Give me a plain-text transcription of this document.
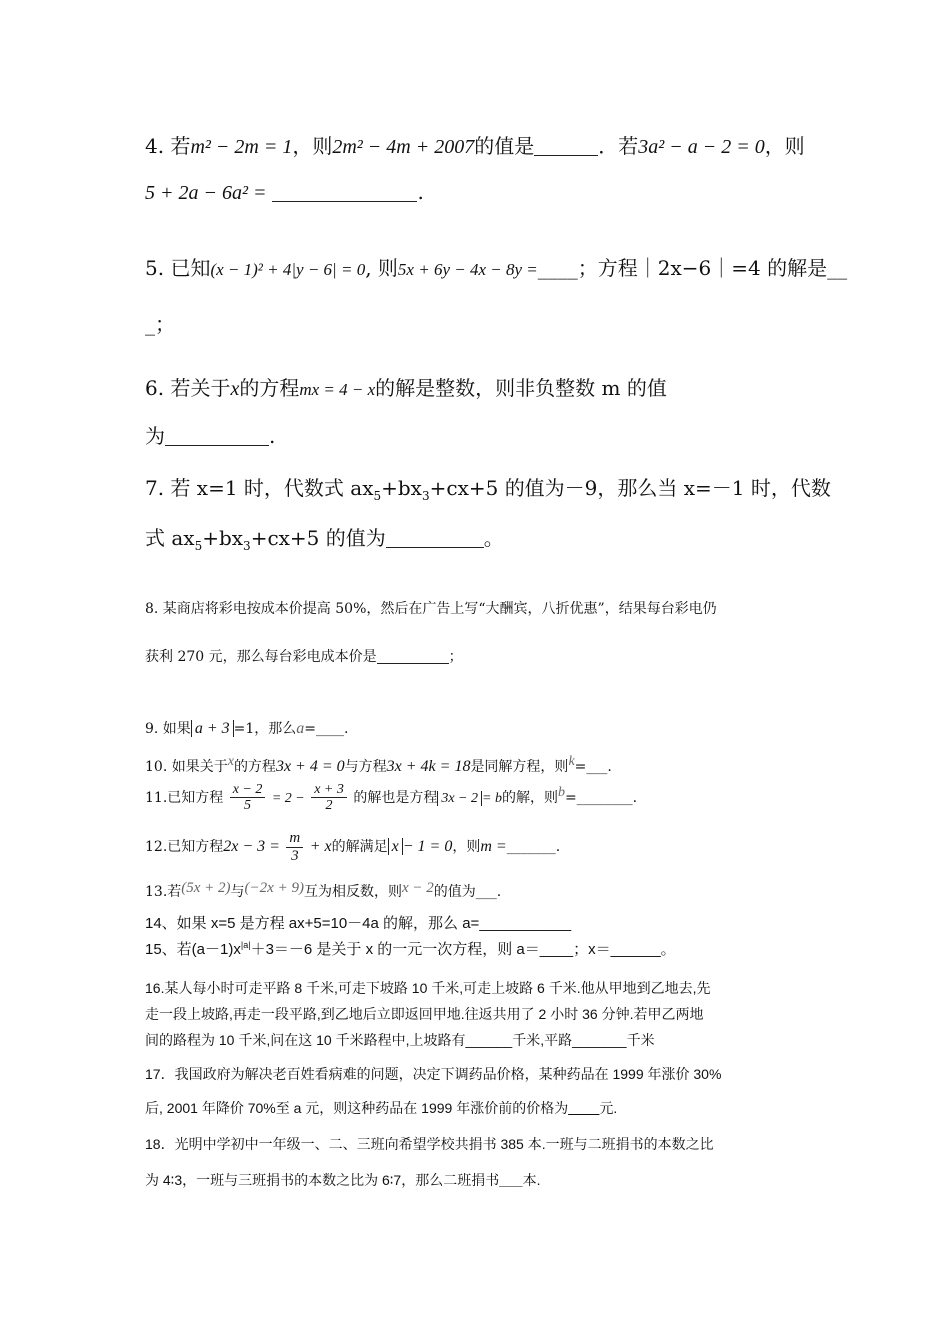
4. 若m² − 2m = 1，则2m² − 4m + 2007的值是	．若3a² − a − 2 = 0，则
5 + 2a − 6a² =	.
5. 已知(x − 1)² + 4|y − 6| = 0, 则5x + 6y − 4x − 8y =____；方程｜2x−6｜=4 的解是__
_；
6. 若关于x的方程mx = 4 − x的解是整数，则非负整数 m 的值
为	.
7. 若 x=1 时，代数式 $ax_5+bx_3+cx+5$ 的值为－9，那么当 x=－1 时，代数
式 $ax_5+bx_3+cx+5$ 的值为	。
8. 某商店将彩电按成本价提高 50%，然后在广告上写“大酬宾，八折优惠”，结果每台彩电仍
获利 270 元，那么每台彩电成本价是	；
9. 如果 a + 3 =1，那么a=____.
10. 如果关于x的方程3x + 4 = 0与方程3x + 4k = 18是同解方程，则k=___.
11.已知方程 $\frac{x - 2}{5} = 2 - \frac{x + 3}{2}$ 的解也是方程 3x − 2 = b的解，则b=________.
12.已知方程$2x - 3 = \frac{m}{3} + x$的解满足 x − 1 = 0，则m =_______.
13.若(5x + 2)与(−2x + 9)互为相反数，则x − 2的值为___.
14、如果 x=5 是方程 ax+5=10－4a 的解，那么 a=___________
15、若$(a-1)x^{|a|}+3=-6$ 是关于 x 的一元一次方程，则 a＝____；x＝______。
16.某人每小时可走平路 8 千米,可走下坡路 10 千米,可走上坡路 6 千米.他从甲地到乙地去,先
走一段上坡路,再走一段平路,到乙地后立即返回甲地.往返共用了 2 小时 36 分钟.若甲乙两地
间的路程为 10 千米,问在这 10 千米路程中,上坡路有______千米,平路_______千米
17．我国政府为解决老百姓看病难的问题，决定下调药品价格，某种药品在 1999 年涨价 30%
后, 2001 年降价 70%至 a 元，则这种药品在 1999 年涨价前的价格为____元.
18．光明中学初中一年级一、二、三班向希望学校共捐书 385 本.一班与二班捐书的本数之比
为 4∶3，一班与三班捐书的本数之比为 6∶7，那么二班捐书___本.
